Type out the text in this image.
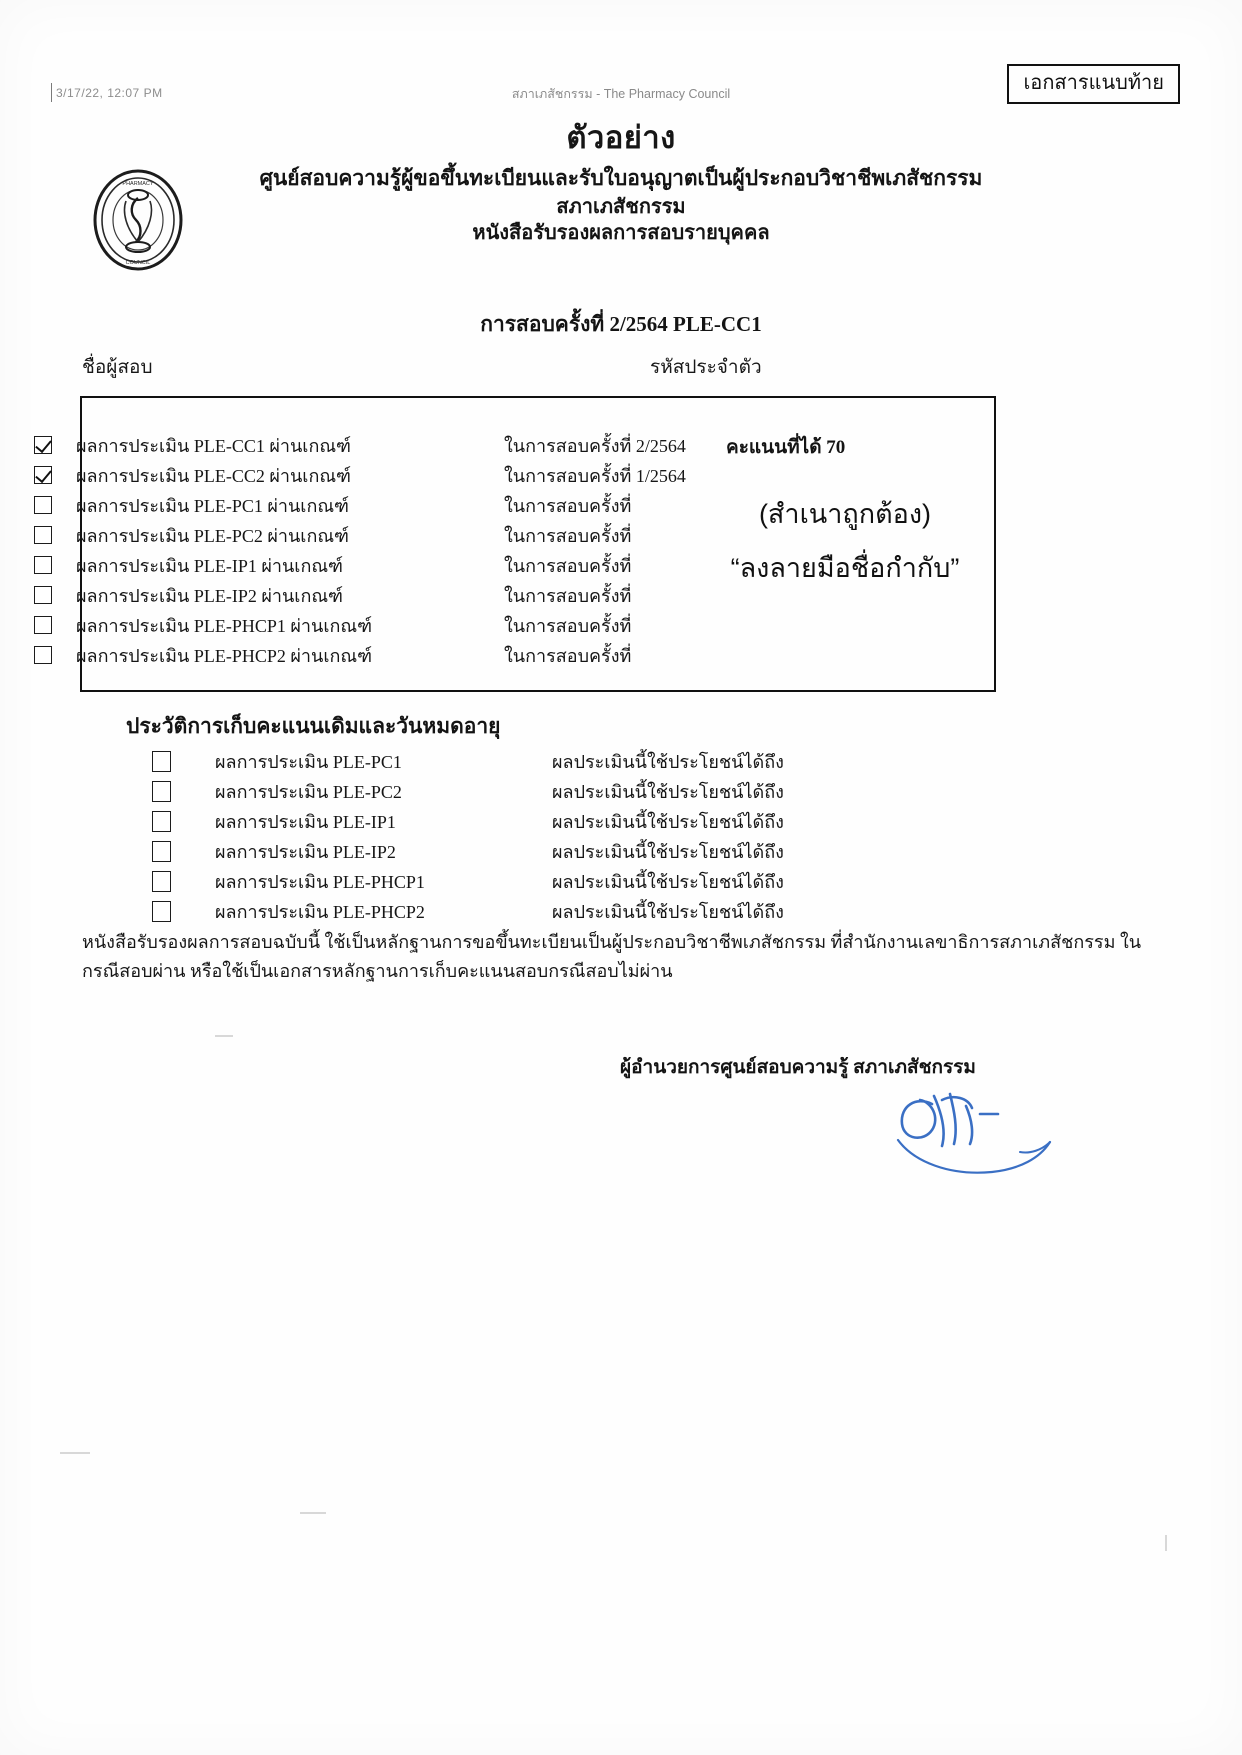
3/17/22, 12:07 PM	สภาเภสัชกรรม - The Pharmacy Council	เอกสารแนบท้าย
PHARMACY
COUNCIL
ตัวอย่าง
ศูนย์สอบความรู้ผู้ขอขึ้นทะเบียนและรับใบอนุญาตเป็นผู้ประกอบวิชาชีพเภสัชกรรม
สภาเภสัชกรรม
หนังสือรับรองผลการสอบรายบุคคล
การสอบครั้งที่ 2/2564 PLE-CC1
ชื่อผู้สอบ	รหัสประจำตัว
ผลการประเมิน PLE-CC1 ผ่านเกณฑ์	ในการสอบครั้งที่ 2/2564
ผลการประเมิน PLE-CC2 ผ่านเกณฑ์	ในการสอบครั้งที่ 1/2564
ผลการประเมิน PLE-PC1 ผ่านเกณฑ์	ในการสอบครั้งที่
ผลการประเมิน PLE-PC2 ผ่านเกณฑ์	ในการสอบครั้งที่
ผลการประเมิน PLE-IP1 ผ่านเกณฑ์	ในการสอบครั้งที่
ผลการประเมิน PLE-IP2 ผ่านเกณฑ์	ในการสอบครั้งที่
ผลการประเมิน PLE-PHCP1 ผ่านเกณฑ์	ในการสอบครั้งที่
ผลการประเมิน PLE-PHCP2 ผ่านเกณฑ์	ในการสอบครั้งที่
คะแนนที่ได้ 70
(สำเนาถูกต้อง)
“ลงลายมือชื่อกำกับ”
ประวัติการเก็บคะแนนเดิมและวันหมดอายุ
ผลการประเมิน PLE-PC1	ผลประเมินนี้ใช้ประโยชน์ได้ถึง
ผลการประเมิน PLE-PC2	ผลประเมินนี้ใช้ประโยชน์ได้ถึง
ผลการประเมิน PLE-IP1	ผลประเมินนี้ใช้ประโยชน์ได้ถึง
ผลการประเมิน PLE-IP2	ผลประเมินนี้ใช้ประโยชน์ได้ถึง
ผลการประเมิน PLE-PHCP1	ผลประเมินนี้ใช้ประโยชน์ได้ถึง
ผลการประเมิน PLE-PHCP2	ผลประเมินนี้ใช้ประโยชน์ได้ถึง
หนังสือรับรองผลการสอบฉบับนี้ ใช้เป็นหลักฐานการขอขึ้นทะเบียนเป็นผู้ประกอบวิชาชีพเภสัชกรรม ที่สำนักงานเลขาธิการสภาเภสัชกรรม ในกรณีสอบผ่าน หรือใช้เป็นเอกสารหลักฐานการเก็บคะแนนสอบกรณีสอบไม่ผ่าน
ผู้อำนวยการศูนย์สอบความรู้ สภาเภสัชกรรม
